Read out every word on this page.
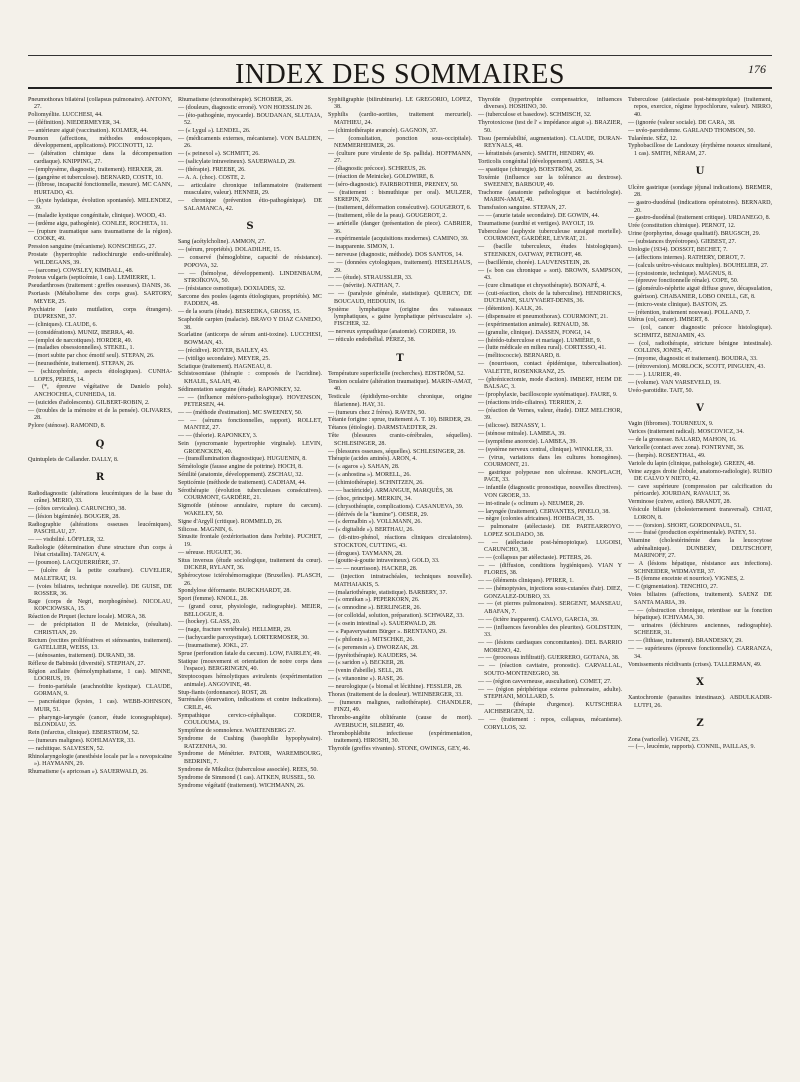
INDEX DES SOMMAIRES	176
Pneumothorax bilatéral (collapsus pulmonaire). ANTONY, 27.
Poliomyélite. LUCCHESI, 44.
— (définition). NIEDERMEYER, 34.
— antérieure aiguë (vaccination). KOLMER, 44.
Poumon (affections, méthodes endoscopiques, développement, applications). PICCINOTTI, 12.
— (altération chimique dans la décompensation cardiaque). KNIPPING, 27.
— (emphysème, diagnostic, traitement). HERXER, 28.
— (gangrène et tuberculose). BERNARD, COSTE, 10.
— (fibrose, incapacité fonctionnelle, mesure). MC CANN, HURTADO, 43.
— (kyste hydatique, évolution spontanée). MELENDEZ, 39.
— (maladie kystique congénitale, clinique). WOOD, 43.
— (œdème aigu, pathogénie). CONLEE, ROCHETA, 11.
— (rupture traumatique sans traumatisme de la région). COOKE, 49.
Pression sanguine (mécanisme). KONSCHEGG, 27.
Prostate (hypertrophie radiochirurgie endo-uréthrale). WILDEGANS, 39.
— (sarcome). COWSLEY, KIMBALL, 48.
Proteus vulgaris (septicémie, 1 cas). LEMIERRE, 1.
Pseudarthroses (traitement : greffes osseuses). DANIS, 36.
Psoriasis (Métabolisme des corps gras). SARTORY, MEYER, 25.
Psychiatrie (auto mutilation, corps étrangers). DUPRESNE, 37.
— (cliniques). CLAUDE, 6.
— (considérations). MUNIZ, IBERRA, 40.
— (emploi de narcotiques). HORDER, 49.
— (maladies obsessionnelles). STEKEL, 1.
— (mort subite par choc émotif seul). STEPAN, 26.
— (neurasthénie, traitement). STEPAN, 26.
— (schizophrénie, aspects étiologiques). CUNHA-LOPES, PERES, 14.
— (*, épreuve végétative de Danielo polu). ANCHOCHEA, CUNHEDA, 18.
— (suicides d'adolescents). GILBERT-ROBIN, 2.
— (troubles de la mémoire et de la pensée). OLIVARES, 28.
Pylore (sténose). RAMOND, 8.
Q
Quintuplets de Callander. DALLY, 8.
R
Radiodiagnostic (altérations leucémiques de la base du crâne). MERIO, 33.
— (côtes cervicales). CARUNCHO, 38.
— (lésion bigéminée). BOUGER, 28.
Radiographie (altérations osseuses leucémiques). PASCHLAU, 27.
— — visibilité. LÖFFLER, 32.
Radiologie (détermination d'une structure d'un corps à l'état cristallin). TANGUY, 4.
— (poumon). LACQUERRIÈRE, 37.
— (ulcère de la petite courbure). CUVELIER, MALETRAT, 19.
— (voies biliaires, technique nouvelle). DE GUISE, DE ROSSER, 36.
Rage (corps de Negri, morphogénèse). NICOLAU, KOPCIOWSKA, 15.
Réaction de Pirquet (lecture locale). MORA, 38.
— de précipitation II de Meinicke, (résultats). CHRISTIAN, 29.
Rectum (rectites prolifératives et sténosantes, traitement). GATELLIER, WEISS, 13.
— (sténosantes, traitement). DURAND, 38.
Réflexe de Babinski (diversité). STEPHAN, 27.
Région axillaire (hémolymphatisme, 1 cas). MINNE, LOORIUS, 19.
— fronto-pariétale (arachnoïdite kystique). CLAUDE, GORMAN, 9.
— pancréatique (kystes, 1 cas). WEBB-JOHNSON, MUIR, 51.
— pharyngo-laryngée (cancer, étude iconographique). BLONDIAU, 35.
Rein (infarctus, clinique). EBERSTROM, 52.
— (tumeurs malignes). KOHLMAYER, 33.
— rachitique. SALVESEN, 52.
Rhinolaryngologie (anesthésie locale par la « novopsicaïne »). HAYMANN, 29.
Rhumatisme (« apricosan »). SAUERWALD, 26.
Rhumatisme (chronothérapie). SCHOBER, 26.
— (douleurs, diagnostic erroné). VON HOESSLIN 26.
— (éto-pathogénie, myocarde). BOUDANAN, SLUTAJA, 52.
— (« Lygul »). LENDEL, 26.
— (médicaments externes, mécanisme). VON BALDEN, 26.
— (« peinexol »). SCHMITT, 26.
— (salicylate intraveineux). SAUERWALD, 29.
— (thérapie). FREEBE, 26.
— A. A. (choc). COSTE, 2.
— articulaire chronique inflammatoire (traitement musculaire, valeur). HENNER, 29.
— chronique (prévention étio-pathogénique). DE SALAMANCA, 42.
S
Sang (acétylcholine). AMMON, 27.
— (sérum, propriétés). DOLADILHE, 15.
— conservé (hémoglobine, capacité de résistance). POPOVA, 32.
— — (hémolyse, développement). LINDENBAUM, STROÏKOVA, 50.
— (résistance osmotique). DOXIADES, 32.
Sarcome des poules (agents étiologiques, propriétés). MC FADDEN, 48.
— de la souris (étude). BESREDKA, GROSS, 15.
Scaphoïde carpien (malacie). BRAVO Y DIAZ CANEDO, 38.
Scarlatine (anticorps de sérum anti-toxine). LUCCHESI, BOWMAN, 43.
— (récidive). ROYER, BAILEY, 43.
— (vitiligo secondaire). MEYER, 25.
Sciatique (traitement). HAGNEAU, 8.
Schistosomiase (thérapie : composés de l'acridine). KHALIL, SALAH, 40.
Sédimentation sanguine (étude). RAPONKEY, 32.
— — (influence météoro-pathologique). HOVENSON, PETERSEN, 44.
— — (méthode d'estimation). MC SWEENEY, 50.
— — (sérums fonctionnelles, rapport). ROLLET, MANTEZ, 27.
— — (théorie). RAPONKEY, 3.
Sein (syncromanie hypertrophie virginale). LEVIN, GROENCKEN, 40.
— (transillumination diagnostique). HUGUENIN, 8.
Séméiologie (fausse angine de poitrine). HOCH, 8.
Sénilité (anatomie, développement). ZSCHAU, 32.
Septicémie (méthode de traitement). CADHAM, 44.
Sérothérapie (évolution tuberculeuses consécutives). COURMONT, GARDÈRE, 21.
Sigmoïde (sténose annulaire, rupture du cæcum). WAKELEY, 50.
Signe d'Argyll (critique). ROMMELD, 26.
Silicose. MAGNIN, 6.
Sinusite frontale (extériorisation dans l'orbite). PUCHET, 19.
— séreuse. HUGUET, 36.
Situs inversus (étude sociologique, traitement du cœur). DICKER, RYLANT, 36.
Sphérocytose ictérohémorragique (Bruxelles). PLASCH, 26.
Spondylose déformante. BURCKHARDT, 28.
Sport (femme). KNOLL, 28.
— (grand cœur, physiologie, radiographie). MEIER, BELLOGUE, 8.
— (hockey). GLASS, 20.
— (nage, fracture vertébrale). HELLMER, 29.
— (tachycardie paroxystique). LORTERMOSER, 30.
— (traumatisme). JOKL, 27.
Sprue (perforation fatale du cæcum). LOW, FAIRLEY, 49.
Statique (mouvement et orientation de notre corps dans l'espace). BERGRINGEN, 40.
Streptocoques hémolytiques avirulents (expérimentation animale). ANGOVINE, 48.
Stup-fiants (ordonnance). ROST, 28.
Surrénales (énervation, indications et contre indications). CRILE, 46.
Sympathique cervico-céphalique. CORDIER, COULOUMA, 19.
Symptôme de somnolence. WARTENBERG 27.
Syndrome de Cushing (basophilie hypophysaire). RATZENHA, 30.
Syndrome de Ménétrier. PATOIR, WAREMBOURG, BEDRINE, 7.
Syndrome de Mikulicz (tuberculose associée). REES, 50.
Syndrome de Simmond (1 cas). AITKEN, RUSSEL, 50.
Syndrome végétatif (traitement). WICHMANN, 26.
Syphiligraphie (bilirubinurie). LE GREGORIO, LOPEZ, 38.
Syphilis (cardio-aortites, traitement mercuriel). MATHIEU, 24.
— (chimiothérapie avancée). GAGNON, 37.
— (consultation, ponction sous-occipitale). NEMMERHEIMER, 26.
— (culture pure virulente de Sp. pallida). HOFFMANN, 27.
— (diagnostic précoce). SCHREUS, 26.
— (réaction de Meinicke). GOLDWIRE, 8.
— (séro-diagnostic). FAIRBROTHER, PRENEY, 50.
— (traitement : bismuthique per oral). MULZER, SEREPIN, 29.
— (traitement, déformation consécutive). GOUGEROT, 6.
— (traitement, rôle de la peau). GOUGEROT, 2.
— artérielle (danger (présentation de piece). CABRIER, 36.
— expérimentale (acquisitions modernes). CAMINO, 39.
— inapparente. SIMON, 1.
— nerveuse (diagnostic, méthode). DOS SANTOS, 14.
— — (données cytologiques, traitement). HESELHAUS, 29.
— — (étude). STRAUSSLER, 33.
— — (névrite). NATHAN, 7.
— — (paralysie générale, statistique). QUERCY, DE BOUCAUD, HEDOUIN, 16.
Système lymphatique (origine des vaisseaux lymphatiques, « gaine lymphatique périvasculaire »). FISCHER, 32.
— nerveux sympathique (anatomie). CORDIER, 19.
— réticulo endothélial. PÉREZ, 38.
T
Température superficielle (recherches). EDSTRÖM, 52.
Tension oculaire (altération traumatique). MARIN-AMAT, 40.
Testicule (épididymo-orchite chronique, origine filarienne). HAY, 31.
— (tumeurs chez 2 frères). RAVEN, 50.
Tétanie forigine : sprue, traitement A. T. 10). BIRDER, 29.
Tétanos (étiologie). DARMSTAEDTER, 29.
Tête (blessures cranio-cérébrales, séquelles). SCHLESINGER, 28.
— (blessures osseuses, séquelles). SCHLESINGER, 28.
Thérapie (acides aminés). ARON, 4.
— (« agaros »). SAHAN, 28.
— (« anhostina »). MORELL, 26.
— (chimiothérapie). SCHNITZEN, 26.
— — bactéricide). ARMANGUE, MARQUÈS, 38.
— (choc, principe). MERKIN, 34.
— (chrysothérapie, complications). CASANUEVA, 39.
— (dérivés de la "kumine"). OESER, 29.
— (« dermalbin »). VOLLMANN, 26.
— (« digitalide »). BERTHAU, 26.
— (di-nitro-phénol, réactions cliniques circulatoires). STOCKTON, CUTTING, 43.
— (drogues). TAYMANN, 28.
— (goutte-à-goutte intraveineux). GOLD, 33.
— — — nourrisson). HACKER, 28.
— (injection intratrachéales, techniques nouvelle). MATHAIAKIS, 5.
— (malariothérapie, statistique). BARBERY, 37.
— (« omnikan »). PEPERKORN, 26.
— (« omnodine »). BERLINGER, 26.
— (or colloïdal, solution, préparation). SCHWARZ, 33.
— (« osein intestinal »). SAUERWALD, 28.
— « Papaverysatum Bürger ». BRENTANO, 29.
— (« philonin »). MITSCHKE, 26.
— (« peremesin »). DWORZAK, 28.
— (pyrétothérapie). KAUDERS, 34.
— (« saridon »). BECKER, 28.
— (venin d'abeille). SELL, 28.
— (« vitanonine »). RASE, 26.
— neurologique (« biomal et lécithine). FESSLER, 28.
Thorax (traitement de la douleur). WEINBERGER, 33.
— (tumeurs malignes, radiothérapie). CHANDLER, FINZI, 49.
Thrombo-angéite oblitérante (cause de mort). AVERBUCH, SILBERT, 49.
Thrombophlébite infectieuse (expérimentation, traitement). HIROSHI, 30.
Thyroïde (greffes vivantes). STONE, OWINGS, GEY, 46.
Thyroïde (hypertrophie compensatrice, influences diverses). HOSHINO, 30.
— (tuberculose et basedow). SCHMISCH, 32.
Thyrotoxicose (test de l' « impédance aiguë »). BRAZIER, 50.
Tissu (perméabilité, augmentation). CLAUDE, DURAN-REYNALS, 48.
— kératinisés (arsenic). SMITH, HENDRY, 49.
Torticolis congénital (développement). ABELS, 34.
— spastique (chirurgie). BOESTRÖM, 26.
Toxémie (influence sur la tolérance au dextrose). SWEENEY, BARBOUP, 49.
Trachome (anatomie pathologique et bactériologie). MARIN-AMAT, 40.
Transfusion sanguine. STEPAN, 27.
— — (anurie tatale secondaire). DE GOWIN, 44.
Traumatisme (surdité et vertiges). PAYOLT, 19.
Tuberculose (asphyxie tuberculeuse suraiguë mortelle). COURMONT, GARDÈRE, LEVRAT, 21.
— (bacille tuberculeux, études histologiques). STEENKEN, OATWAY, PETROFF, 48.
— (bacillémie, chorée). LAUVENSTEIN, 28.
— (« bon cas chronique » sort). BROWN, SAMPSON, 43.
— (cure climatique et chrysothérapie). BONAFÉ, 4.
— (cuti-réaction, choix de la tuberculine). HENDRICKS, DUCHAINE, SLUYVAERT-DENIS, 36.
— (détention). KALK, 26.
— (dispensaire et pneumothorax). COURMONT, 21.
— (expérimentation animale). RENAUD, 38.
— (granulie, clinique). DASSEN, FONGI, 14.
— (hérédo-tuberculose et mariage). LUMIÈRE, 9.
— (lutte médicale en milieu rural). CORTESSO, 41.
— (mélitococcie). BERNARD, 8.
— (nourrisson, contact épidémique, tuberculisation). VALETTE, ROSENKRANZ, 25.
— (phrénicectomie, mode d'action). IMBERT, HEIM DE BALSAC, 3.
— (prophylaxie, bacilloscopie systématique). FAURE, 9.
— (réactions irido-ciliaires). TERRIEN, 2.
— (réaction de Vernes, valeur, étude). DIEZ MELCHOR, 39.
— (silicose). BENASSY, 1.
— (sténose mitrale). LAMBEA, 39.
— (symptôme anorexie). LAMBEA, 39.
— (système nerveux central, clinique). WINKLER, 33.
— (virus, variations dans les cultures homogènes). COURMONT, 21.
— gastrique polypeuse non ulcéreuse. KNOFLACH, PACE, 33.
— infantile (diagnostic pronostique, nouvelles directives). VON GROER, 33.
— int-stinale (« oclinum »). NEUMER, 29.
— laryngée (traitement). CERVANTES, PINELO, 38.
— nègre (colonies africaines). HOHBACH, 35.
— pulmonaire (atélectasie). DE PARTEARROYO, LOPEZ SOLDADO, 38.
— — (atélectasie post-hémoptoïque). LUGOISI, CARUNCHO, 38.
— — (collapsus par atélectasie). PETERS, 26.
— — (diffusion, conditions hygiéniques). VIAN Y FLORES, 38.
— — (éléments cliniques). PFIRER, 1.
— — (hémoptysies, injections sous-cutanées d'air). DIEZ, GONZALEZ-DUBRO, 33.
— — (et pierres pulmonaires). SERGENT, MANSEAU, ABAFAN, 7.
— — (ictère inapparent). CALVO, GARCIA, 39.
— — (influences favorables des pleurites). GOLDSTEIN, 33.
— — (lésions cardiaques concomitantes). DEL BARRIO MORENO, 42.
— — (processus infiltratif). GUERRERO, GOTANA, 38.
— — (réaction cavitaire, pronostic). CARVALLAL, SOUTO-MONTENEGRO, 38.
— — (région cavverneuse, auscultation). COMET, 27.
— — (région périphérique externe pulmonaire, adulte). STEPHANI, MOLLARD, 5.
— — (thérapie d'urgence). KUTSCHERA AICHBERGEN, 32.
— — (traitement : repos, collapsus, mécanisme). CORYLLOS, 32.
Tuberculose (atélectasie post-hémoptoïque) (traitement, repos, exercice, régime hypochlorure, valeur). NIRRO, 40.
— (ignorée (valeur sociale). DE CARA, 38.
— uvéo-parotidienne. GARLAND THOMSON, 50.
Tularémie. SÉZ, 12.
Typhobacillose de Landouzy (érythème noueux simultané, 1 cas). SMITH, NÉRAM, 27.
U
Ulcère gastrique (sondage jéjunal indications). BREMER, 28.
— gastro-duodénal (indications opératoires). BERNARD, 20.
— gastro-duodénal (traitement critique). URDANEGO, 8.
Urée (constitution chimique). PERNOT, 12.
Urine (porphyrine, dosage qualitatif). BRUGSCH, 29.
— (substances thyréotropes). GIEBEST, 27.
Urologie (1934). DOSSOT, BECHET, 7.
— (affections internes). RATHERY, DEROT, 7.
— (calculs urétro-vésicaux multiples). BOUHELIER, 27.
— (cystostomie, technique). MAGNUS, 8.
— (épreuve fonctionnelle rénale). COPE, 50.
— (glomérulo-néphrite aiguë diffuse grave, décapsulation, guérison). CHABANIER, LOBO ONELL, GE, 8.
— (micro-veste clinique). BASTON, 25.
— (rétention, traitement nouveau). POLLAND, 7.
Utérus (col, cancer). IMBERT, 8.
— (col, cancer diagnostic précoce histologique). SCHMITZ, BENJAMIN, 43.
— (col, radiothérapie, stricture bénigne intestinale). COLLINS, JONES, 47.
— (myome, diagnostic et traitement). BOUDRA, 33.
— (rétroversion). MORLOCK, SCOTT, PINGUEN, 43.
— — ). LURIER, 49.
— (volume). VAN VARSEVELD, 19.
Uvéo-parotidite. TAIT, 50.
V
Vagin (fibromes). TOURNEUX, 9.
Varices (traitement radical). MOSCOVICZ, 34.
— de la grossesse. BALARD, MAHON, 16.
Varicelle (contact avec zona). FONTRYNE, 36.
— (herpès). ROSENTHAL, 49.
Variole du lapin (clinique, pathologie). GREEN, 48.
Veine azygos droite (lobule, anatomo-radiologie). RUBIO DE CALVO Y NIETO, 42.
— cave supérieure (compression par calcification du péricarde). JOURDAN, RAVAULT, 36.
Verminose (cuivre, action). BRANDT, 28.
Vésicule biliaire (cholesternement transversal). CHIAT, LORON, 8.
— — (torsion). SHORT, GORDONPAUL, 51.
— — fraisé (production expérimentale). PATEY, 51.
Vitamine (cholestérinémie dans la leucocytose adrénalinique). DUNBERY, DEUTSCHOFF, MARINOFF, 27.
— A (lésions hépatique, résistance aux infections). SCHNEIDER, WIDMAYER, 37.
— B (femme enceinte et nourrice). VIGNES, 2.
— C (pigmentation). TENCHIO, 27.
Voies biliaires (affections, traitement). SAENZ DE SANTA MARIA, 39.
— — (obstruction chronique, retentisse sur la fonction hépatique). ICHIYAMA, 30.
— urinaires (déchirures anciennes, radiographie). SCHEEER, 31.
— — (lithiase, traitement). BRANDESKY, 29.
— — supérieures (épreuve fonctionnelle). CARRANZA, 34.
Vomissements récidivants (crises). TALLERMAN, 49.
X
Xantochromie (parasites intestinaux). ABDULKADIR-LUTFI, 26.
Z
Zona (varicelle). VIGNE, 23.
— (—, leucémie, rapports). CONNIL, PAILLAS, 9.
